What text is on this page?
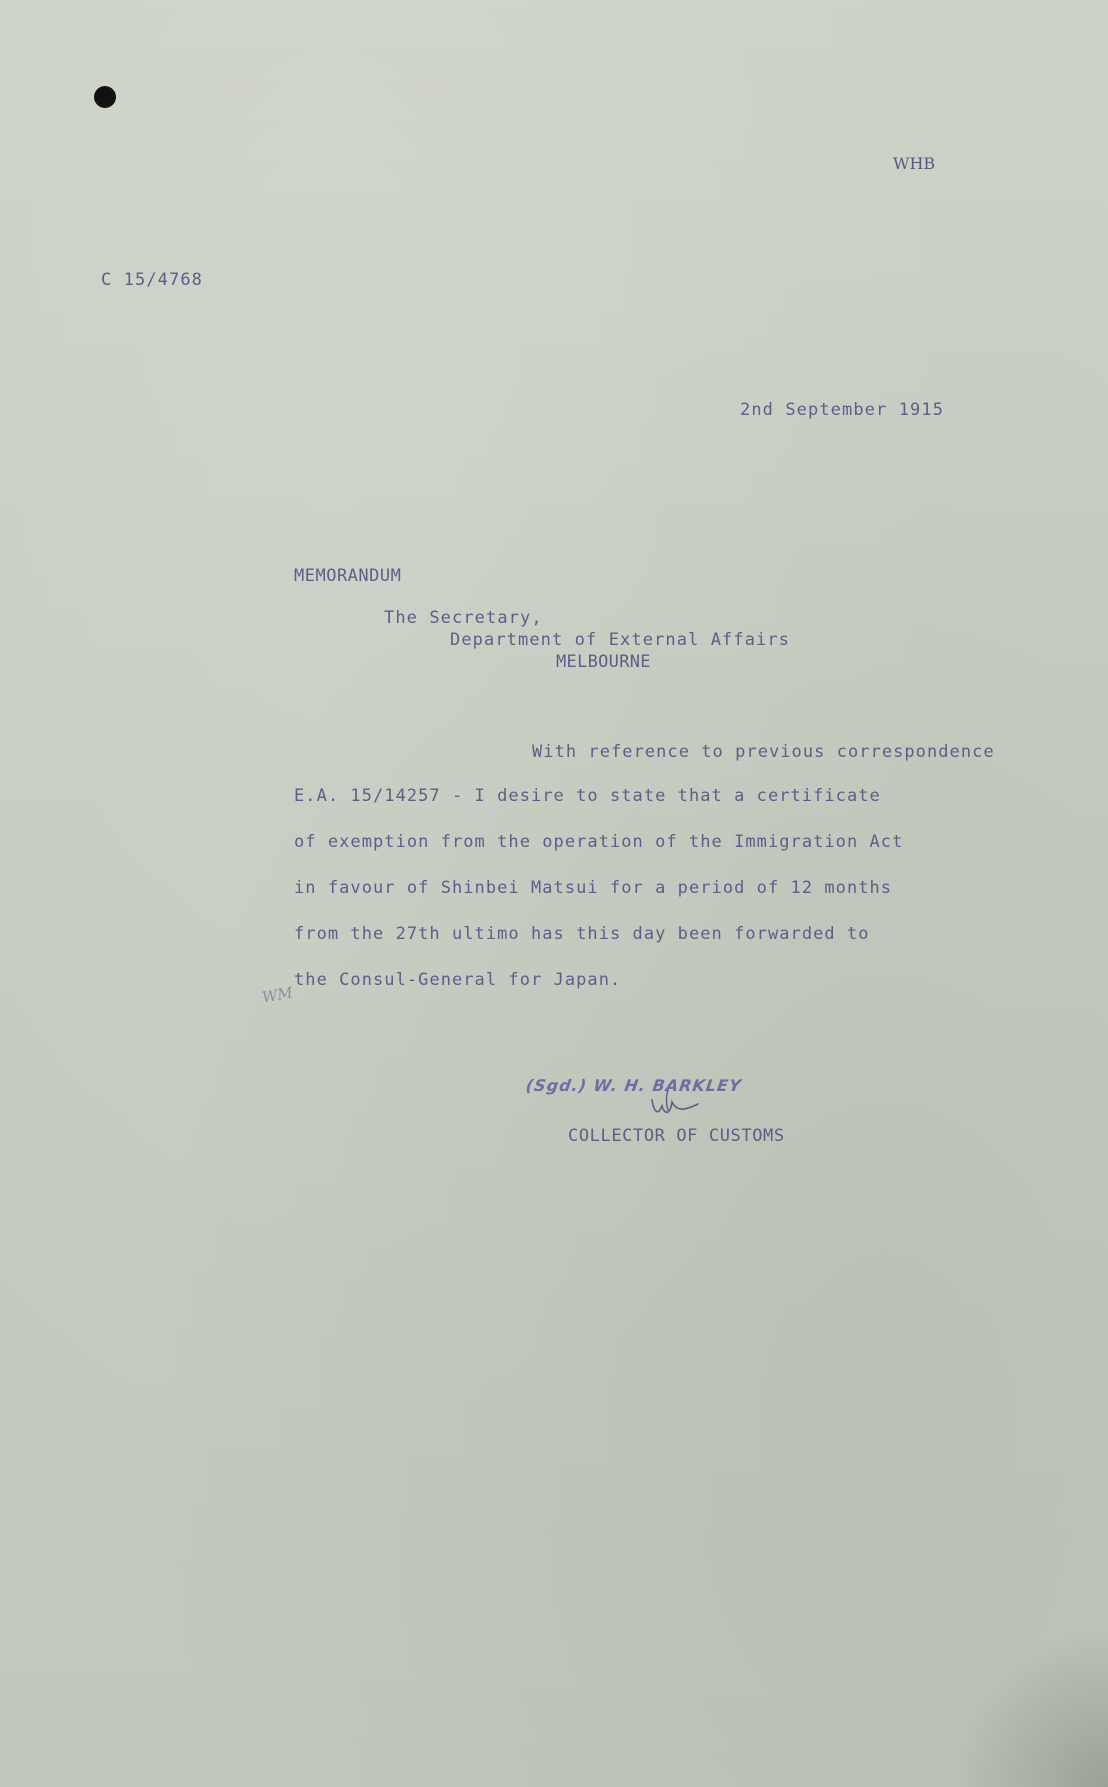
WHB
C 15/4768
2nd September 1915
MEMORANDUM
The Secretary,
Department of External Affairs
MELBOURNE
With reference to previous correspondence
E.A. 15/14257 - I desire to state that a certificate
of exemption from the operation of the Immigration Act
in favour of Shinbei Matsui for a period of 12 months
from the 27th ultimo has this day been forwarded to
the Consul-General for Japan.
WM
(Sgd.) W. H. BARKLEY
COLLECTOR OF CUSTOMS
